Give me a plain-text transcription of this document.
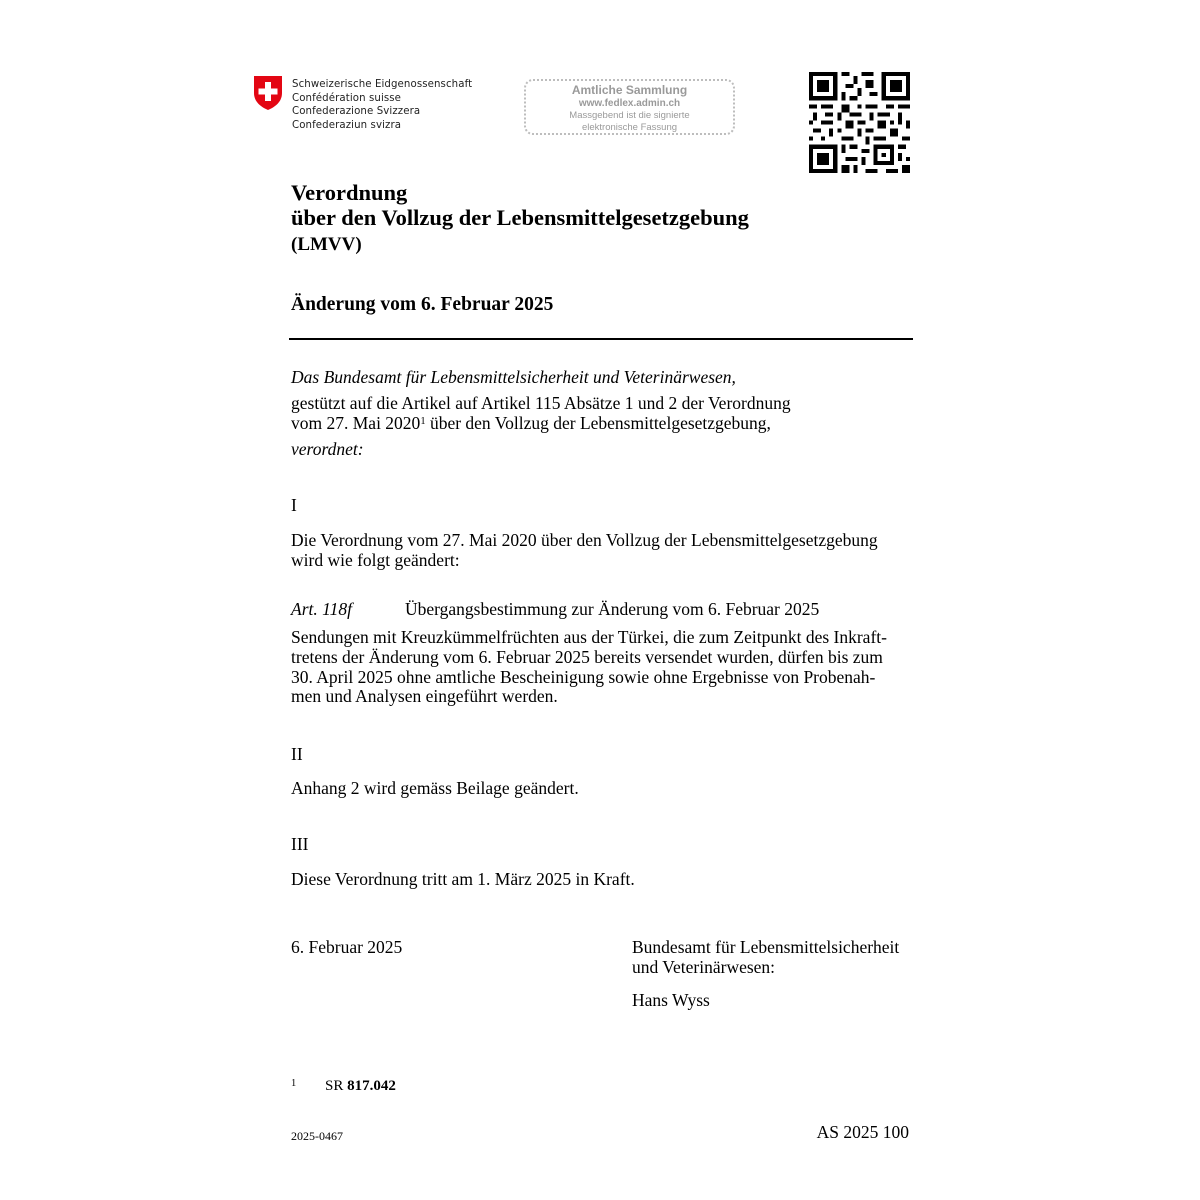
Schweizerische Eidgenossenschaft
Confédération suisse
Confederazione Svizzera
Confederaziun svizra
Amtliche Sammlung
www.fedlex.admin.ch
Massgebend ist die signierte
elektronische Fassung
Verordnung
über den Vollzug der Lebensmittelgesetzgebung
(LMVV)
Änderung vom 6. Februar 2025
Das Bundesamt für Lebensmittelsicherheit und Veterinärwesen,
gestützt auf die Artikel auf Artikel 115 Absätze 1 und 2 der Verordnung
vom 27. Mai 2020$^1$ über den Vollzug der Lebensmittelgesetzgebung,
verordnet:
I
Die Verordnung vom 27. Mai 2020 über den Vollzug der Lebensmittelgesetzgebung
wird wie folgt geändert:
Art. 118f	Übergangsbestimmung zur Änderung vom 6. Februar 2025
Sendungen mit Kreuzkümmelfrüchten aus der Türkei, die zum Zeitpunkt des Inkraft-
tretens der Änderung vom 6. Februar 2025 bereits versendet wurden, dürfen bis zum
30. April 2025 ohne amtliche Bescheinigung sowie ohne Ergebnisse von Probenah-
men und Analysen eingeführt werden.
II
Anhang 2 wird gemäss Beilage geändert.
III
Diese Verordnung tritt am 1. März 2025 in Kraft.
6. Februar 2025	Bundesamt für Lebensmittelsicherheit
und Veterinärwesen:
Hans Wyss
1 SR 817.042
2025-0467	AS 2025 100
